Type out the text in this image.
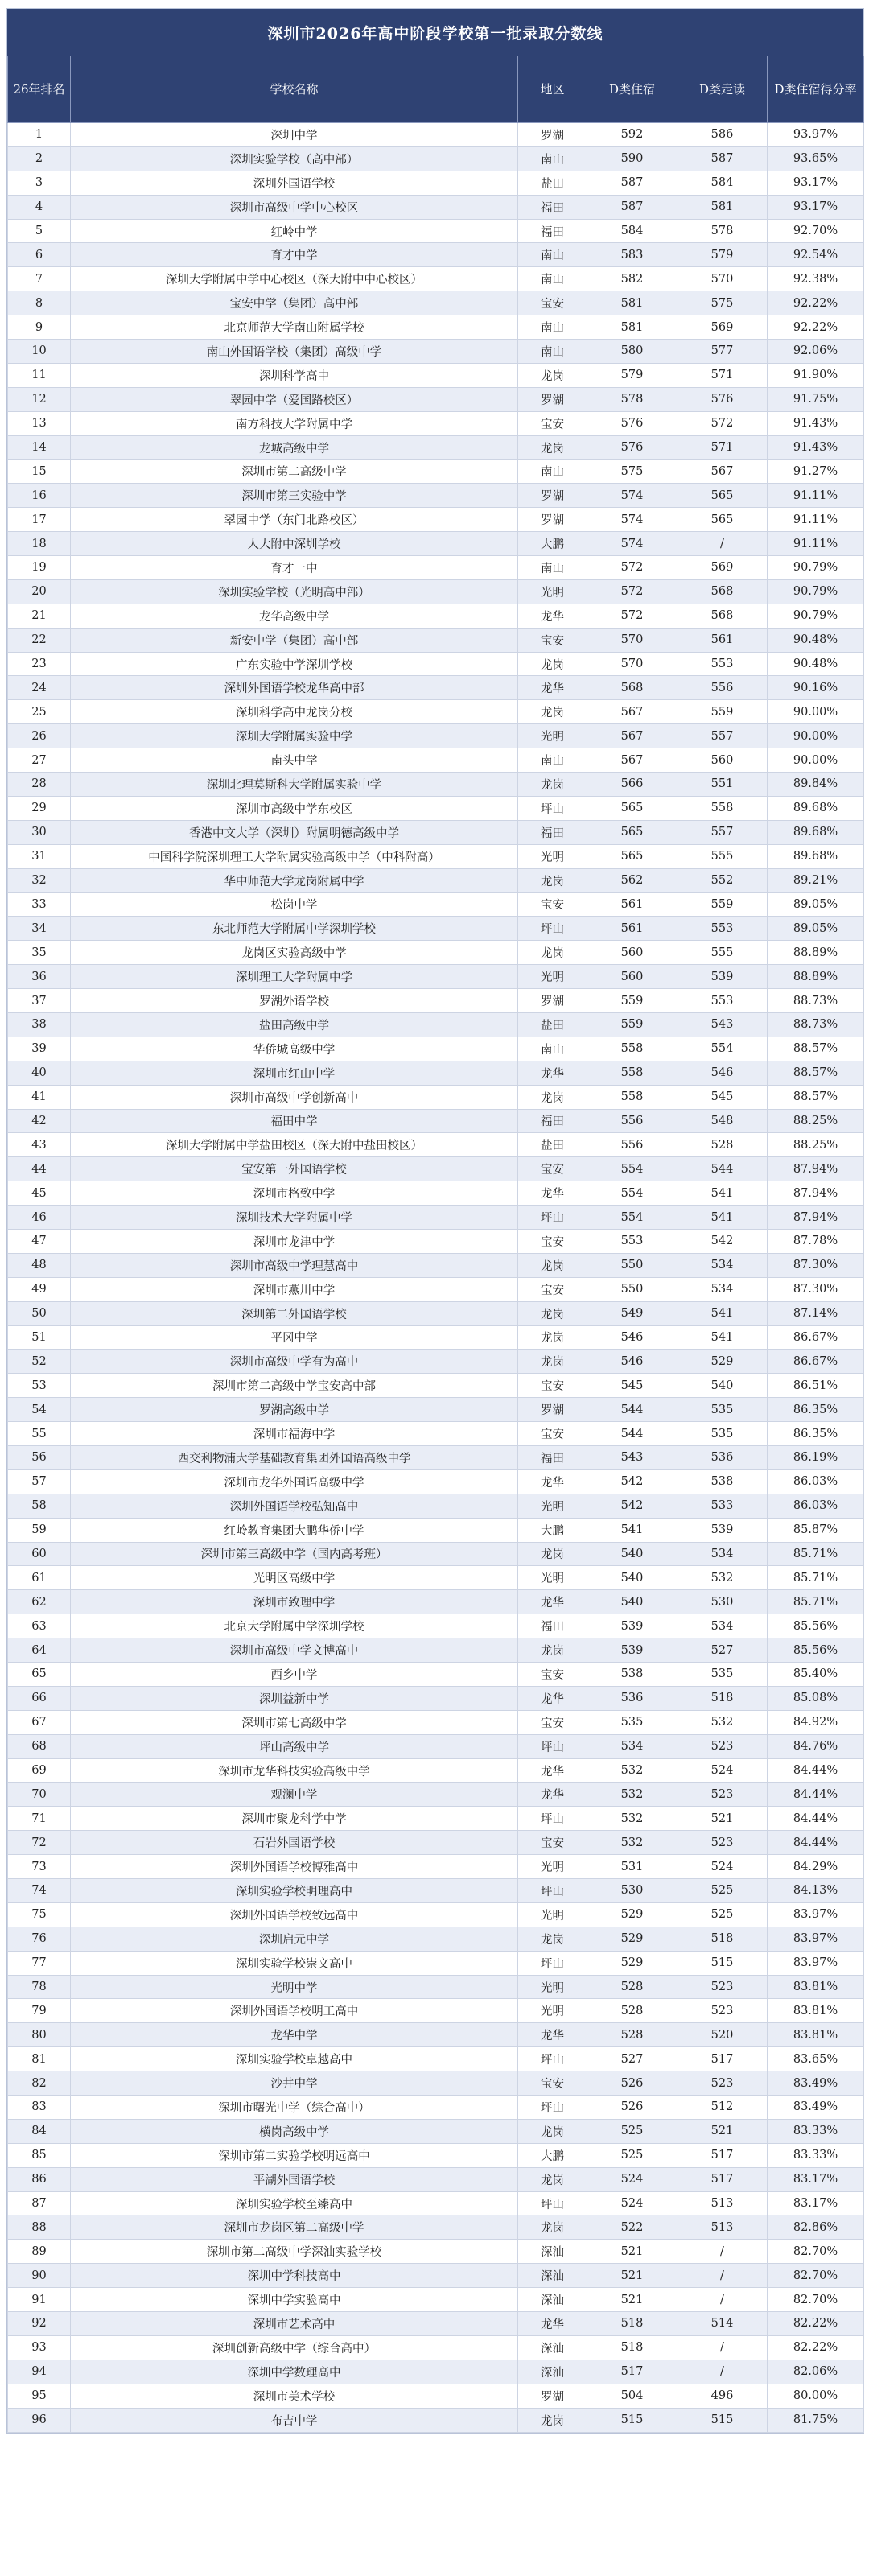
深圳市2026年高中阶段学校第一批录取分数线
26年排名	学校名称	地区	D类住宿	D类走读	D类住宿得分率
1	深圳中学	罗湖	592	586	93.97%
2	深圳实验学校（高中部）	南山	590	587	93.65%
3	深圳外国语学校	盐田	587	584	93.17%
4	深圳市高级中学中心校区	福田	587	581	93.17%
5	红岭中学	福田	584	578	92.70%
6	育才中学	南山	583	579	92.54%
7	深圳大学附属中学中心校区（深大附中中心校区）	南山	582	570	92.38%
8	宝安中学（集团）高中部	宝安	581	575	92.22%
9	北京师范大学南山附属学校	南山	581	569	92.22%
10	南山外国语学校（集团）高级中学	南山	580	577	92.06%
11	深圳科学高中	龙岗	579	571	91.90%
12	翠园中学（爱国路校区）	罗湖	578	576	91.75%
13	南方科技大学附属中学	宝安	576	572	91.43%
14	龙城高级中学	龙岗	576	571	91.43%
15	深圳市第二高级中学	南山	575	567	91.27%
16	深圳市第三实验中学	罗湖	574	565	91.11%
17	翠园中学（东门北路校区）	罗湖	574	565	91.11%
18	人大附中深圳学校	大鹏	574	/	91.11%
19	育才一中	南山	572	569	90.79%
20	深圳实验学校（光明高中部）	光明	572	568	90.79%
21	龙华高级中学	龙华	572	568	90.79%
22	新安中学（集团）高中部	宝安	570	561	90.48%
23	广东实验中学深圳学校	龙岗	570	553	90.48%
24	深圳外国语学校龙华高中部	龙华	568	556	90.16%
25	深圳科学高中龙岗分校	龙岗	567	559	90.00%
26	深圳大学附属实验中学	光明	567	557	90.00%
27	南头中学	南山	567	560	90.00%
28	深圳北理莫斯科大学附属实验中学	龙岗	566	551	89.84%
29	深圳市高级中学东校区	坪山	565	558	89.68%
30	香港中文大学（深圳）附属明德高级中学	福田	565	557	89.68%
31	中国科学院深圳理工大学附属实验高级中学（中科附高）	光明	565	555	89.68%
32	华中师范大学龙岗附属中学	龙岗	562	552	89.21%
33	松岗中学	宝安	561	559	89.05%
34	东北师范大学附属中学深圳学校	坪山	561	553	89.05%
35	龙岗区实验高级中学	龙岗	560	555	88.89%
36	深圳理工大学附属中学	光明	560	539	88.89%
37	罗湖外语学校	罗湖	559	553	88.73%
38	盐田高级中学	盐田	559	543	88.73%
39	华侨城高级中学	南山	558	554	88.57%
40	深圳市红山中学	龙华	558	546	88.57%
41	深圳市高级中学创新高中	龙岗	558	545	88.57%
42	福田中学	福田	556	548	88.25%
43	深圳大学附属中学盐田校区（深大附中盐田校区）	盐田	556	528	88.25%
44	宝安第一外国语学校	宝安	554	544	87.94%
45	深圳市格致中学	龙华	554	541	87.94%
46	深圳技术大学附属中学	坪山	554	541	87.94%
47	深圳市龙津中学	宝安	553	542	87.78%
48	深圳市高级中学理慧高中	龙岗	550	534	87.30%
49	深圳市燕川中学	宝安	550	534	87.30%
50	深圳第二外国语学校	龙岗	549	541	87.14%
51	平冈中学	龙岗	546	541	86.67%
52	深圳市高级中学有为高中	龙岗	546	529	86.67%
53	深圳市第二高级中学宝安高中部	宝安	545	540	86.51%
54	罗湖高级中学	罗湖	544	535	86.35%
55	深圳市福海中学	宝安	544	535	86.35%
56	西交利物浦大学基础教育集团外国语高级中学	福田	543	536	86.19%
57	深圳市龙华外国语高级中学	龙华	542	538	86.03%
58	深圳外国语学校弘知高中	光明	542	533	86.03%
59	红岭教育集团大鹏华侨中学	大鹏	541	539	85.87%
60	深圳市第三高级中学（国内高考班）	龙岗	540	534	85.71%
61	光明区高级中学	光明	540	532	85.71%
62	深圳市致理中学	龙华	540	530	85.71%
63	北京大学附属中学深圳学校	福田	539	534	85.56%
64	深圳市高级中学文博高中	龙岗	539	527	85.56%
65	西乡中学	宝安	538	535	85.40%
66	深圳益新中学	龙华	536	518	85.08%
67	深圳市第七高级中学	宝安	535	532	84.92%
68	坪山高级中学	坪山	534	523	84.76%
69	深圳市龙华科技实验高级中学	龙华	532	524	84.44%
70	观澜中学	龙华	532	523	84.44%
71	深圳市聚龙科学中学	坪山	532	521	84.44%
72	石岩外国语学校	宝安	532	523	84.44%
73	深圳外国语学校博雅高中	光明	531	524	84.29%
74	深圳实验学校明理高中	坪山	530	525	84.13%
75	深圳外国语学校致远高中	光明	529	525	83.97%
76	深圳启元中学	龙岗	529	518	83.97%
77	深圳实验学校崇文高中	坪山	529	515	83.97%
78	光明中学	光明	528	523	83.81%
79	深圳外国语学校明工高中	光明	528	523	83.81%
80	龙华中学	龙华	528	520	83.81%
81	深圳实验学校卓越高中	坪山	527	517	83.65%
82	沙井中学	宝安	526	523	83.49%
83	深圳市曙光中学（综合高中）	坪山	526	512	83.49%
84	横岗高级中学	龙岗	525	521	83.33%
85	深圳市第二实验学校明远高中	大鹏	525	517	83.33%
86	平湖外国语学校	龙岗	524	517	83.17%
87	深圳实验学校至臻高中	坪山	524	513	83.17%
88	深圳市龙岗区第二高级中学	龙岗	522	513	82.86%
89	深圳市第二高级中学深汕实验学校	深汕	521	/	82.70%
90	深圳中学科技高中	深汕	521	/	82.70%
91	深圳中学实验高中	深汕	521	/	82.70%
92	深圳市艺术高中	龙华	518	514	82.22%
93	深圳创新高级中学（综合高中）	深汕	518	/	82.22%
94	深圳中学数理高中	深汕	517	/	82.06%
95	深圳市美术学校	罗湖	504	496	80.00%
96	布吉中学	龙岗	515	515	81.75%
